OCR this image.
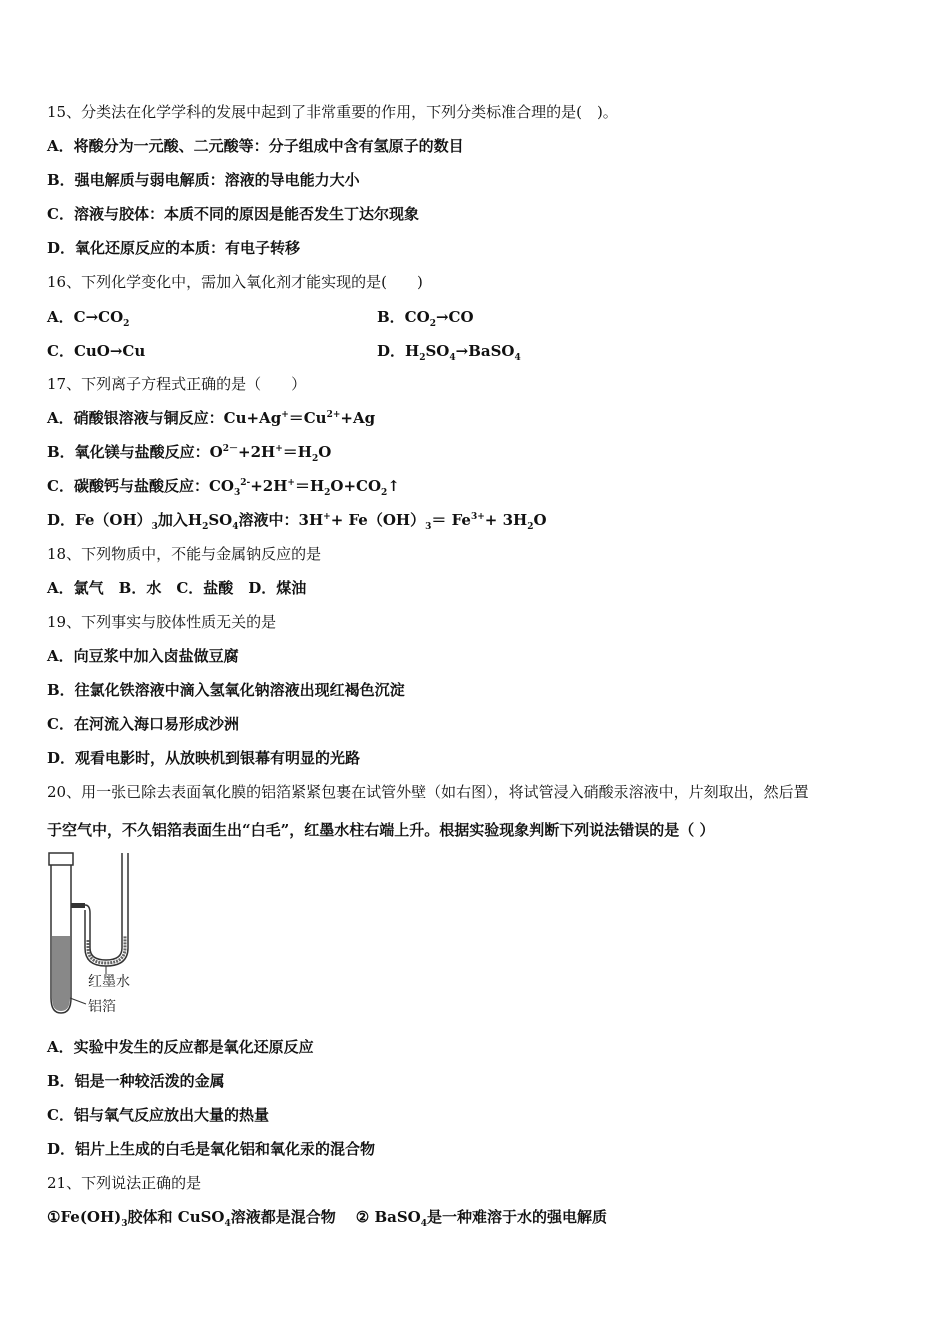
15、分类法在化学学科的发展中起到了非常重要的作用，下列分类标准合理的是(　)。
A．将酸分为一元酸、二元酸等：分子组成中含有氢原子的数目
B．强电解质与弱电解质：溶液的导电能力大小
C．溶液与胶体：本质不同的原因是能否发生丁达尔现象
D．氧化还原反应的本质：有电子转移
16、下列化学变化中，需加入氧化剂才能实现的是(　　)
A．$C\to CO_2$	B．$CO_2\to CO$
C．CuO→Cu	D．$H_2SO_4\to BaSO_4$
17、下列离子方程式正确的是（　　）
A．硝酸银溶液与铜反应：$Cu+Ag^+=Cu^{2+}+Ag$
B．氧化镁与盐酸反应：$O^{2-}+2H^+=H_2O$
C．碳酸钙与盐酸反应：$CO_3^{2-}+2H^+=H_2O+CO_2↑$
D．$Fe(OH)_3$加入$H_2SO_4$溶液中：$3H^++ Fe(OH)_3= Fe^{3+}+ 3H_2O$
18、下列物质中，不能与金属钠反应的是
A．氯气　B．水　C．盐酸　D．煤油
19、下列事实与胶体性质无关的是
A．向豆浆中加入卤盐做豆腐
B．往氯化铁溶液中滴入氢氧化钠溶液出现红褐色沉淀
C．在河流入海口易形成沙洲
D．观看电影时，从放映机到银幕有明显的光路
20、用一张已除去表面氧化膜的铝箔紧紧包裹在试管外壁（如右图），将试管浸入硝酸汞溶液中，片刻取出，然后置
于空气中，不久铝箔表面生出“白毛”，红墨水柱右端上升。根据实验现象判断下列说法错误的是（ ）
红墨水
铝箔
A．实验中发生的反应都是氧化还原反应
B．铝是一种较活泼的金属
C．铝与氧气反应放出大量的热量
D．铝片上生成的白毛是氧化铝和氧化汞的混合物
21、下列说法正确的是
$①Fe(OH)_3$胶体和 CuSO$_4$溶液都是混合物 ② BaSO$_4$是一种难溶于水的强电解质
